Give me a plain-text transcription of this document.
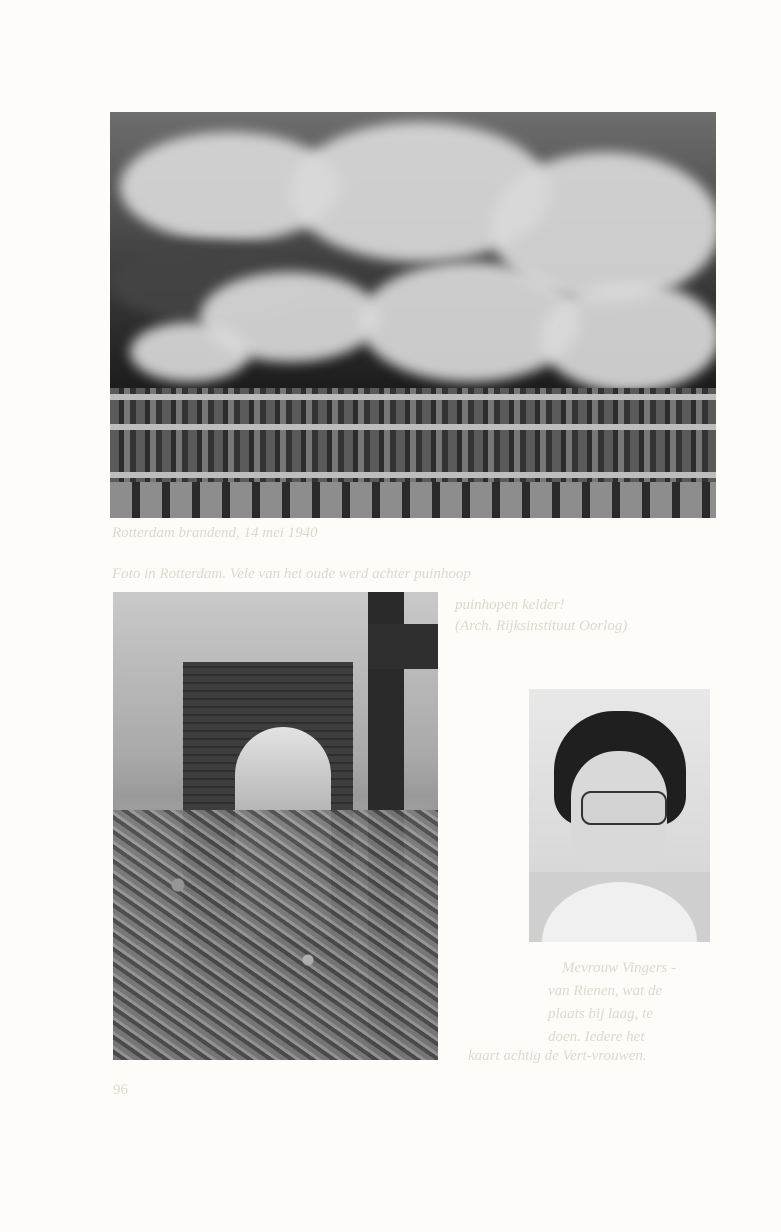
Rotterdam brandend, 14 mei 1940
Foto in Rotterdam. Vele van het oude werd achter puinhoop
puinhopen kelder!
(Arch. Rijksinstituut Oorlog)
Mevrouw Vingers -
van Rienen, wat de
plaats bij laag, te
doen. Iedere het
kaart achtig de Vert-vrouwen.
96
